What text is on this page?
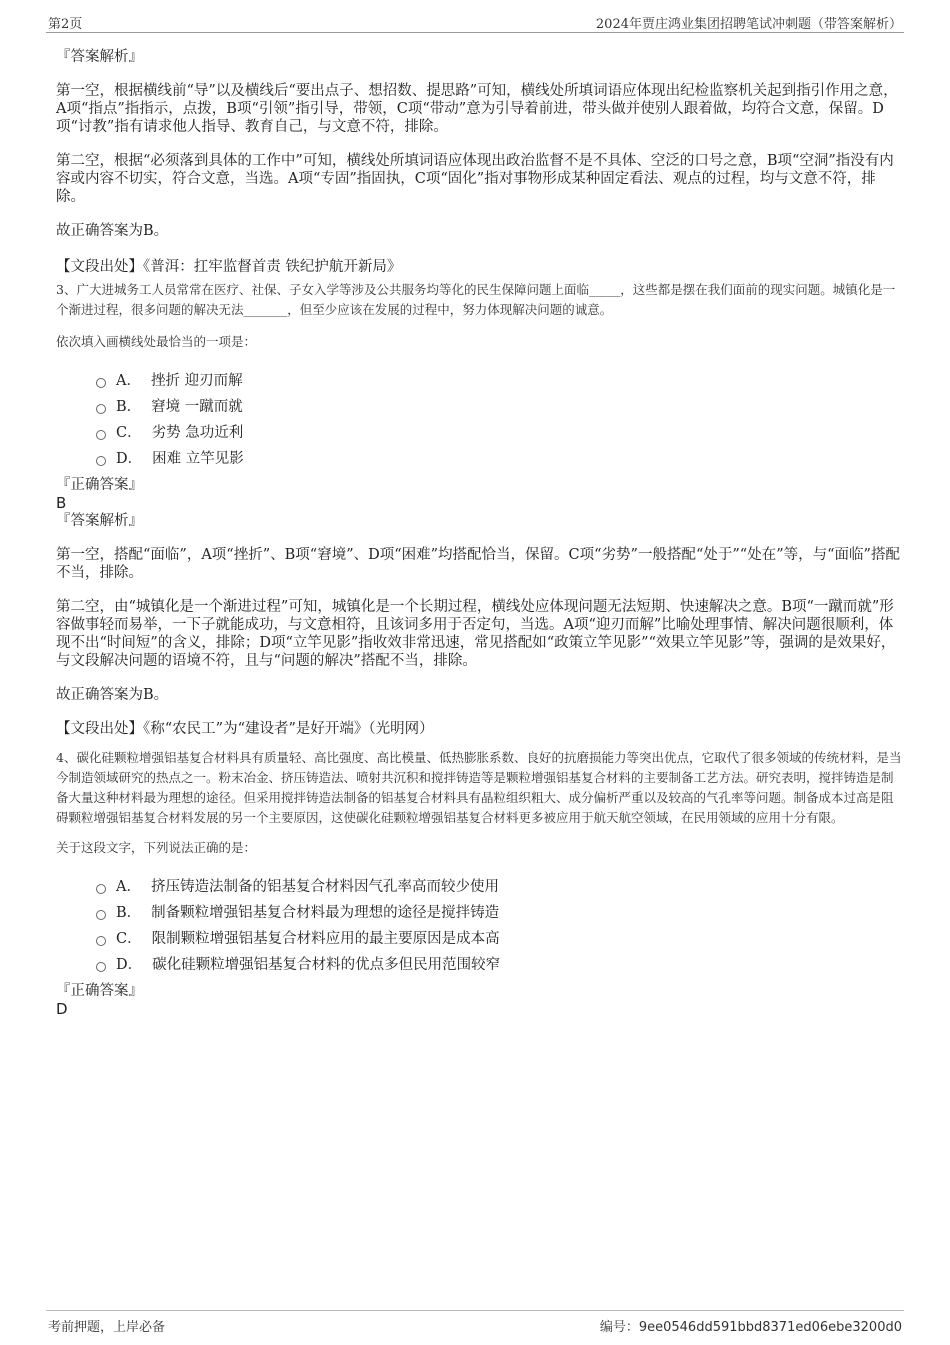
第2页	2024年贾庄鸿业集团招聘笔试冲刺题（带答案解析）

『答案解析』

第一空，根据横线前“导”以及横线后“要出点子、想招数、提思路”可知，横线处所填词语应体现出纪检监察机关起到指引作用之意，A项“指点”指指示，点拨，B项“引领”指引导，带领，C项“带动”意为引导着前进，带头做并使别人跟着做，均符合文意，保留。D项“讨教”指有请求他人指导、教育自己，与文意不符，排除。

第二空，根据“必须落到具体的工作中”可知，横线处所填词语应体现出政治监督不是不具体、空泛的口号之意，B项“空洞”指没有内容或内容不切实，符合文意，当选。A项“专固”指固执，C项“固化”指对事物形成某种固定看法、观点的过程，均与文意不符，排除。

故正确答案为B。

【文段出处】《普洱：扛牢监督首责 铁纪护航开新局》

3、广大进城务工人员常常在医疗、社保、子女入学等涉及公共服务均等化的民生保障问题上面临_____，这些都是摆在我们面前的现实问题。城镇化是一个渐进过程，很多问题的解决无法_______，但至少应该在发展的过程中，努力体现解决问题的诚意。

依次填入画横线处最恰当的一项是：

A． 挫折 迎刃而解
B． 窘境 一蹴而就
C． 劣势 急功近利
D． 困难 立竿见影

『正确答案』

B

『答案解析』

第一空，搭配“面临”，A项“挫折”、B项“窘境”、D项“困难”均搭配恰当，保留。C项“劣势”一般搭配“处于”“处在”等，与“面临”搭配不当，排除。

第二空，由“城镇化是一个渐进过程”可知，城镇化是一个长期过程，横线处应体现问题无法短期、快速解决之意。B项“一蹴而就”形容做事轻而易举，一下子就能成功，与文意相符，且该词多用于否定句，当选。A项“迎刃而解”比喻处理事情、解决问题很顺利，体现不出“时间短”的含义，排除；D项“立竿见影”指收效非常迅速，常见搭配如“政策立竿见影”“效果立竿见影”等，强调的是效果好，与文段解决问题的语境不符，且与“问题的解决”搭配不当，排除。

故正确答案为B。

【文段出处】《称“农民工”为“建设者”是好开端》（光明网）

4、碳化硅颗粒增强铝基复合材料具有质量轻、高比强度、高比模量、低热膨胀系数、良好的抗磨损能力等突出优点，它取代了很多领域的传统材料，是当今制造领域研究的热点之一。粉末冶金、挤压铸造法、喷射共沉积和搅拌铸造等是颗粒增强铝基复合材料的主要制备工艺方法。研究表明，搅拌铸造是制备大量这种材料最为理想的途径。但采用搅拌铸造法制备的铝基复合材料具有晶粒组织粗大、成分偏析严重以及较高的气孔率等问题。制备成本过高是阻碍颗粒增强铝基复合材料发展的另一个主要原因，这使碳化硅颗粒增强铝基复合材料更多被应用于航天航空领域，在民用领域的应用十分有限。

关于这段文字，下列说法正确的是：

A． 挤压铸造法制备的铝基复合材料因气孔率高而较少使用
B． 制备颗粒增强铝基复合材料最为理想的途径是搅拌铸造
C． 限制颗粒增强铝基复合材料应用的最主要原因是成本高
D． 碳化硅颗粒增强铝基复合材料的优点多但民用范围较窄

『正确答案』

D

考前押题，上岸必备	编号：9ee0546dd591bbd8371ed06ebe3200d0
